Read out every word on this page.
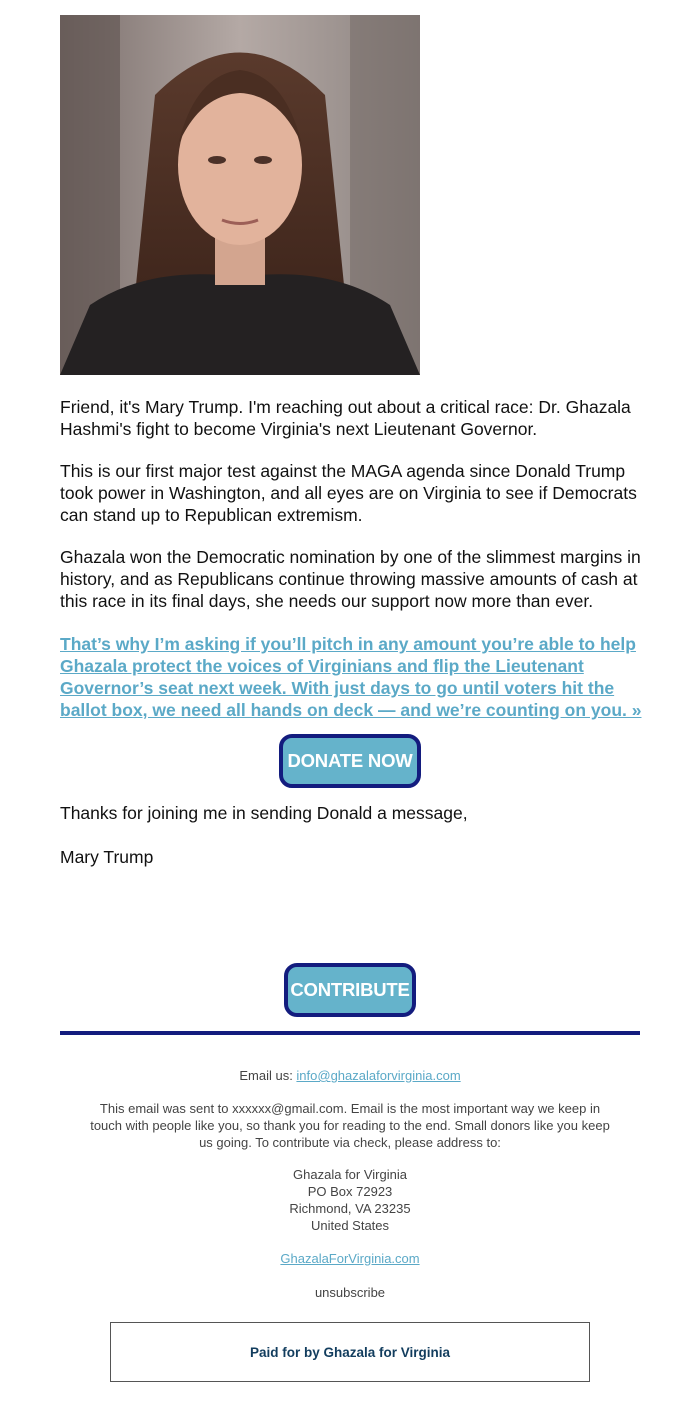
Friend, it's Mary Trump. I'm reaching out about a critical race: Dr. Ghazala Hashmi's fight to become Virginia's next Lieutenant Governor.

This is our first major test against the MAGA agenda since Donald Trump took power in Washington, and all eyes are on Virginia to see if Democrats can stand up to Republican extremism.

Ghazala won the Democratic nomination by one of the slimmest margins in history, and as Republicans continue throwing massive amounts of cash at this race in its final days, she needs our support now more than ever.

That’s why I’m asking if you’ll pitch in any amount you’re able to help Ghazala protect the voices of Virginians and flip the Lieutenant Governor’s seat next week. With just days to go until voters hit the ballot box, we need all hands on deck — and we’re counting on you. »

DONATE NOW

Thanks for joining me in sending Donald a message,

Mary Trump

CONTRIBUTE

Email us: info@ghazalaforvirginia.com

This email was sent to xxxxxx@gmail.com. Email is the most important way we keep in touch with people like you, so thank you for reading to the end. Small donors like you keep us going. To contribute via check, please address to:

Ghazala for Virginia
PO Box 72923
Richmond, VA 23235
United States

GhazalaForVirginia.com

unsubscribe

Paid for by Ghazala for Virginia
